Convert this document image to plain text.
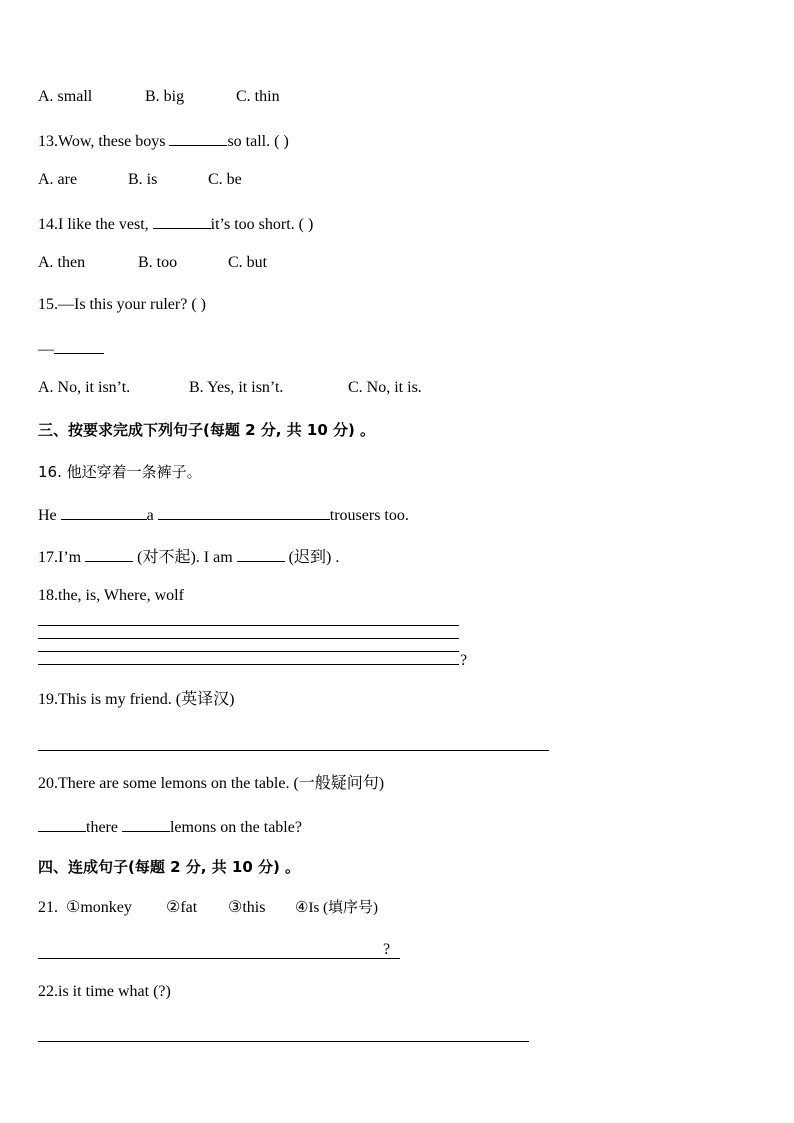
A. small	B. big	C. thin
13.Wow, these boys	so tall. ( )
A. are	B. is	C. be
14.I like the vest,	it’s too short. ( )
A. then	B. too	C. but
15.—Is this your ruler? ( )
—
A. No, it isn’t.	B. Yes, it isn’t.	C. No, it is.
三、按要求完成下列句子(每题 2 分, 共 10 分) 。
16. 他还穿着一条裤子。
He	a	trousers too.
17.I’m	(对不起). I am	(迟到) .
18.the, is, Where, wolf
?
19.This is my friend. (英译汉)
20.There are some lemons on the table. (一般疑问句)
there	lemons on the table?
四、连成句子(每题 2 分, 共 10 分) 。
21. ①monkey ②fat ③this ④Is (填序号)
?
22.is it time what (?)
